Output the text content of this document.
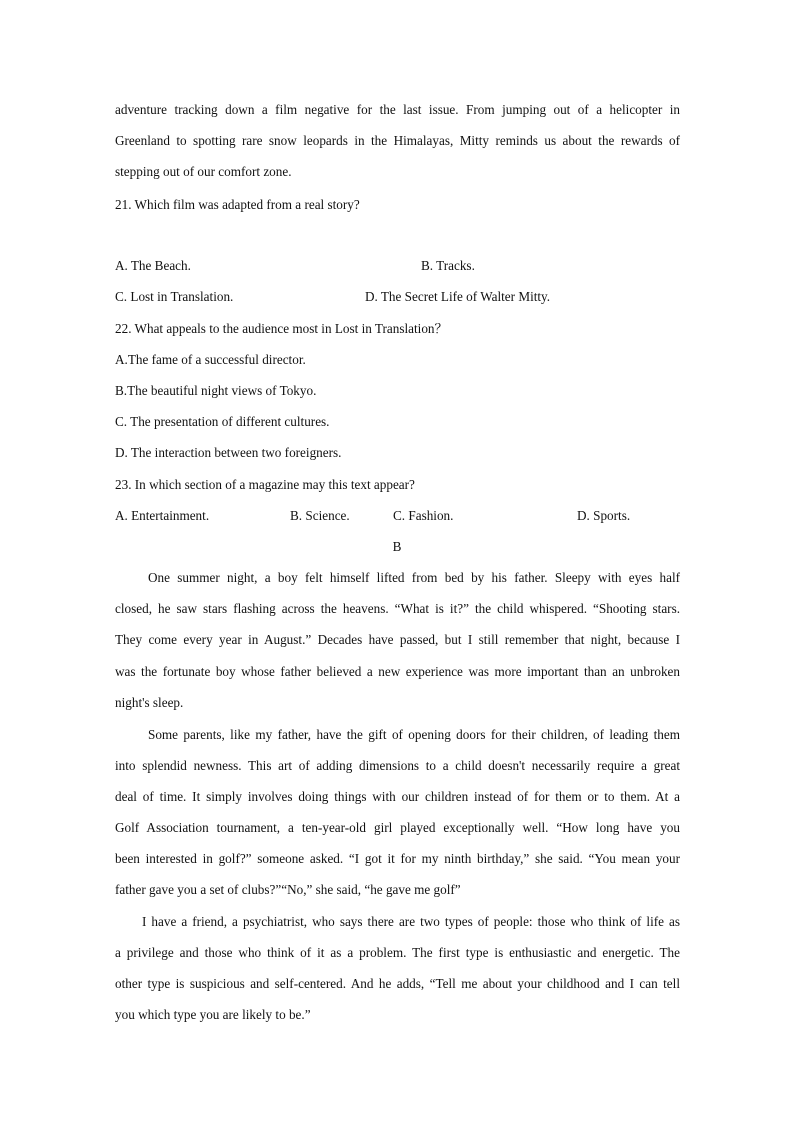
adventure tracking down a film negative for the last issue. From jumping out of a helicopter in
Greenland to spotting rare snow leopards in the Himalayas, Mitty reminds us about the rewards of
stepping out of our comfort zone.
21. Which film was adapted from a real story?
A. The Beach.	B. Tracks.
C. Lost in Translation.	D. The Secret Life of Walter Mitty.
22. What appeals to the audience most in Lost in Translation？
A.The fame of a successful director.
B.The beautiful night views of Tokyo.
C. The presentation of different cultures.
D. The interaction between two foreigners.
23. In which section of a magazine may this text appear?
A. Entertainment.	B. Science.	C. Fashion.	D. Sports.
B
One summer night, a boy felt himself lifted from bed by his father. Sleepy with eyes half
closed, he saw stars flashing across the heavens. “What is it?” the child whispered. “Shooting stars.
They come every year in August.” Decades have passed, but I still remember that night, because I
was the fortunate boy whose father believed a new experience was more important than an unbroken
night's sleep.
Some parents, like my father, have the gift of opening doors for their children, of leading them
into splendid newness. This art of adding dimensions to a child doesn't necessarily require a great
deal of time. It simply involves doing things with our children instead of for them or to them. At a
Golf Association tournament, a ten-year-old girl played exceptionally well. “How long have you
been interested in golf?” someone asked. “I got it for my ninth birthday,” she said. “You mean your
father gave you a set of clubs?”“No,” she said, “he gave me golf”
I have a friend, a psychiatrist, who says there are two types of people: those who think of life as
a privilege and those who think of it as a problem. The first type is enthusiastic and energetic. The
other type is suspicious and self-centered. And he adds, “Tell me about your childhood and I can tell
you which type you are likely to be.”
